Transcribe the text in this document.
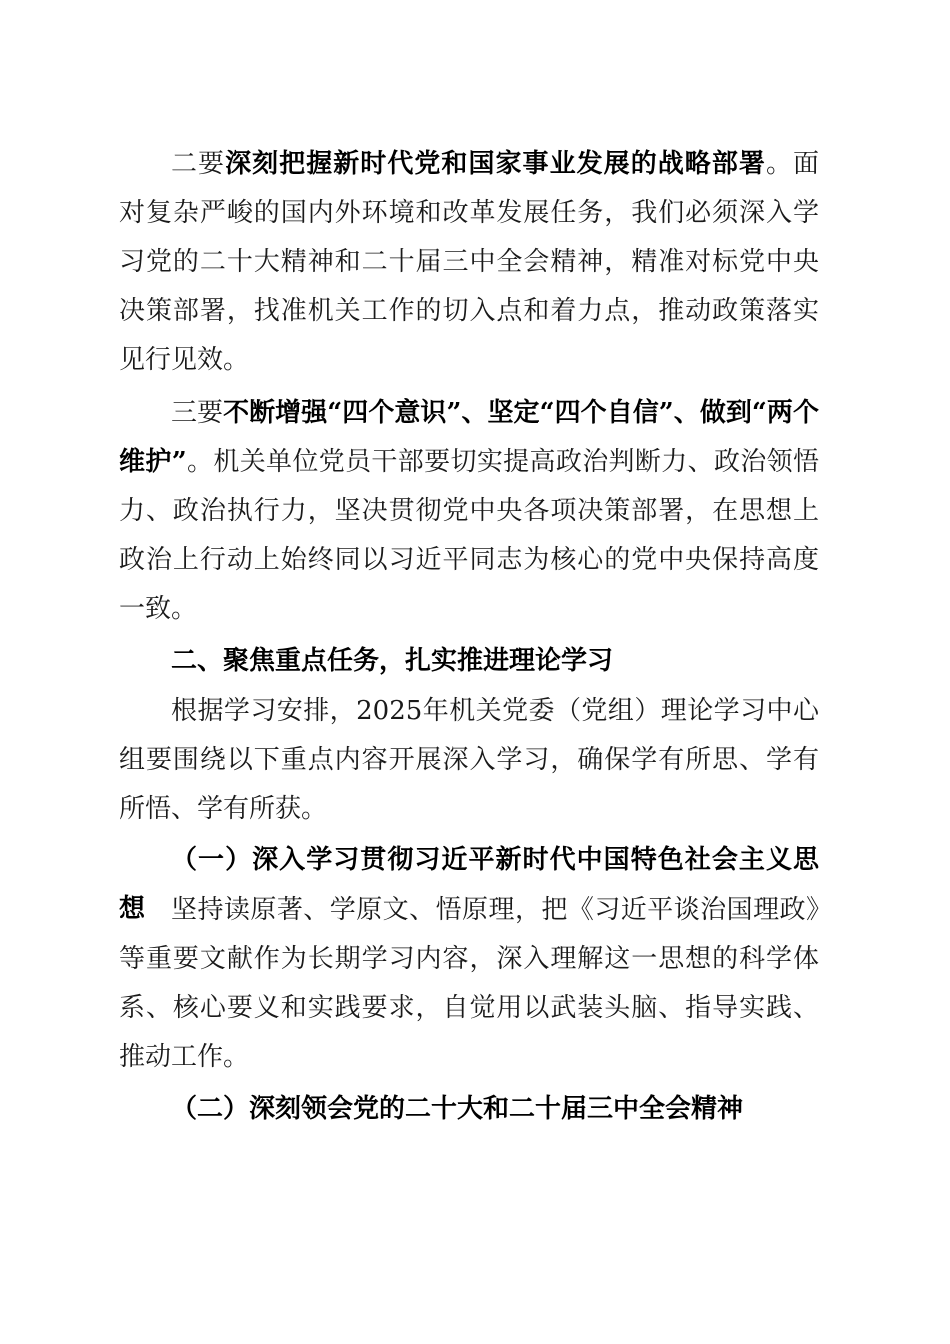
二要深刻把握新时代党和国家事业发展的战略部署。面对复杂严峻的国内外环境和改革发展任务，我们必须深入学习党的二十大精神和二十届三中全会精神，精准对标党中央决策部署，找准机关工作的切入点和着力点，推动政策落实见行见效。

三要不断增强“四个意识”、坚定“四个自信”、做到“两个维护”。机关单位党员干部要切实提高政治判断力、政治领悟力、政治执行力，坚决贯彻党中央各项决策部署，在思想上政治上行动上始终同以习近平同志为核心的党中央保持高度一致。

二、聚焦重点任务，扎实推进理论学习

根据学习安排，2025年机关党委（党组）理论学习中心组要围绕以下重点内容开展深入学习，确保学有所思、学有所悟、学有所获。

（一）深入学习贯彻习近平新时代中国特色社会主义思想 坚持读原著、学原文、悟原理，把《习近平谈治国理政》等重要文献作为长期学习内容，深入理解这一思想的科学体系、核心要义和实践要求，自觉用以武装头脑、指导实践、推动工作。

（二）深刻领会党的二十大和二十届三中全会精神
